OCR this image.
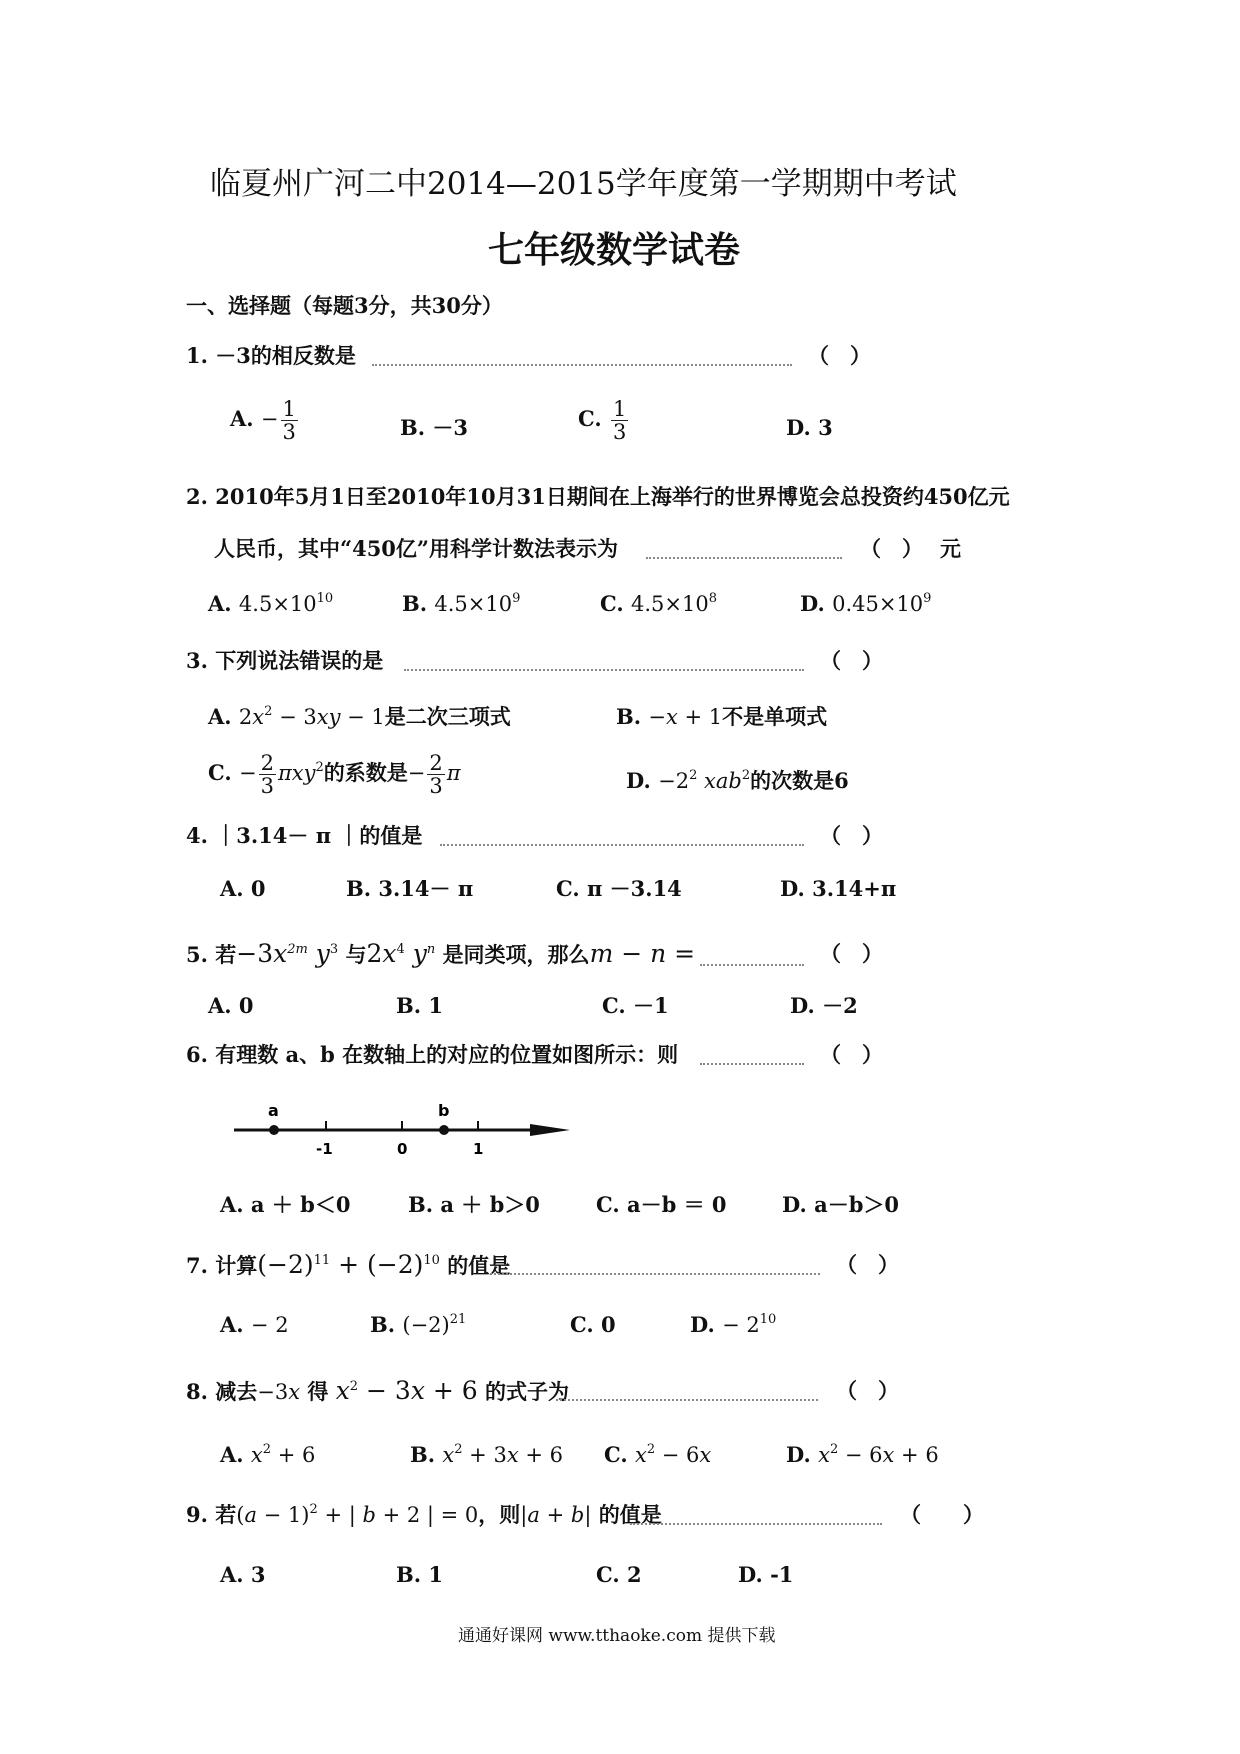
临夏州广河二中2014—2015学年度第一学期期中考试
七年级数学试卷
一、选择题（每题3分，共30分）
1. －3的相反数是	（　）
A. − $\frac{1}{3}$	B. －3	C. $\frac{1}{3}$	D. 3
2. 2010年5月1日至2010年10月31日期间在上海举行的世界博览会总投资约450亿元
人民币，其中“450亿”用科学计数法表示为	（　） 元
A. $4.5\times 10^{10}$	B. $4.5\times 10^9$	C. $4.5\times 10^8$	D. $0.45\times 10^9$
3. 下列说法错误的是	（　）
A. $2x^2 - 3xy - 1$是二次三项式	B. −x + 1不是单项式
C. − $\frac{2}{3} \pi xy^2$的系数是− $\frac{2}{3}$ π	D. $-2^2$ xab$^2$的次数是6
4. ｜3.14－ π ｜的值是	（　）
A. 0	B. 3.14－ π	C. π －3.14	D. 3.14+π
5. 若$-3x^{2m}$ $y^3$ 与$2x^4$ $y^n$ 是同类项，那么m − n =	（　）
A. 0	B. 1	C. －1	D. －2
6. 有理数 a、b 在数轴上的对应的位置如图所示：则	（　）
a	b
-1	0	1
A. a ＋ b＜0	B. a ＋ b＞0	C. a－b ＝ 0	D. a－b＞0
7. 计算$(-2)^{11} + (-2)^{10}$ 的值是	（　）
A. − 2	B. $(-2)^{21}$	C. 0	D. − $2^{10}$
8. 减去−3x 得 $x^2 - 3x + 6$ 的式子为	（　）
A. $x^2 + 6$	B. $x^2 + 3x + 6$ C. $x^2 - 6x$	D. $x^2 - 6x + 6$
9. 若$(a - 1)^2$ + | b + 2 | = 0，则|a + b| 的值是	（　　）
A. 3	B. 1	C. 2	D. -1
通通好课网 www.tthaoke.com 提供下载
